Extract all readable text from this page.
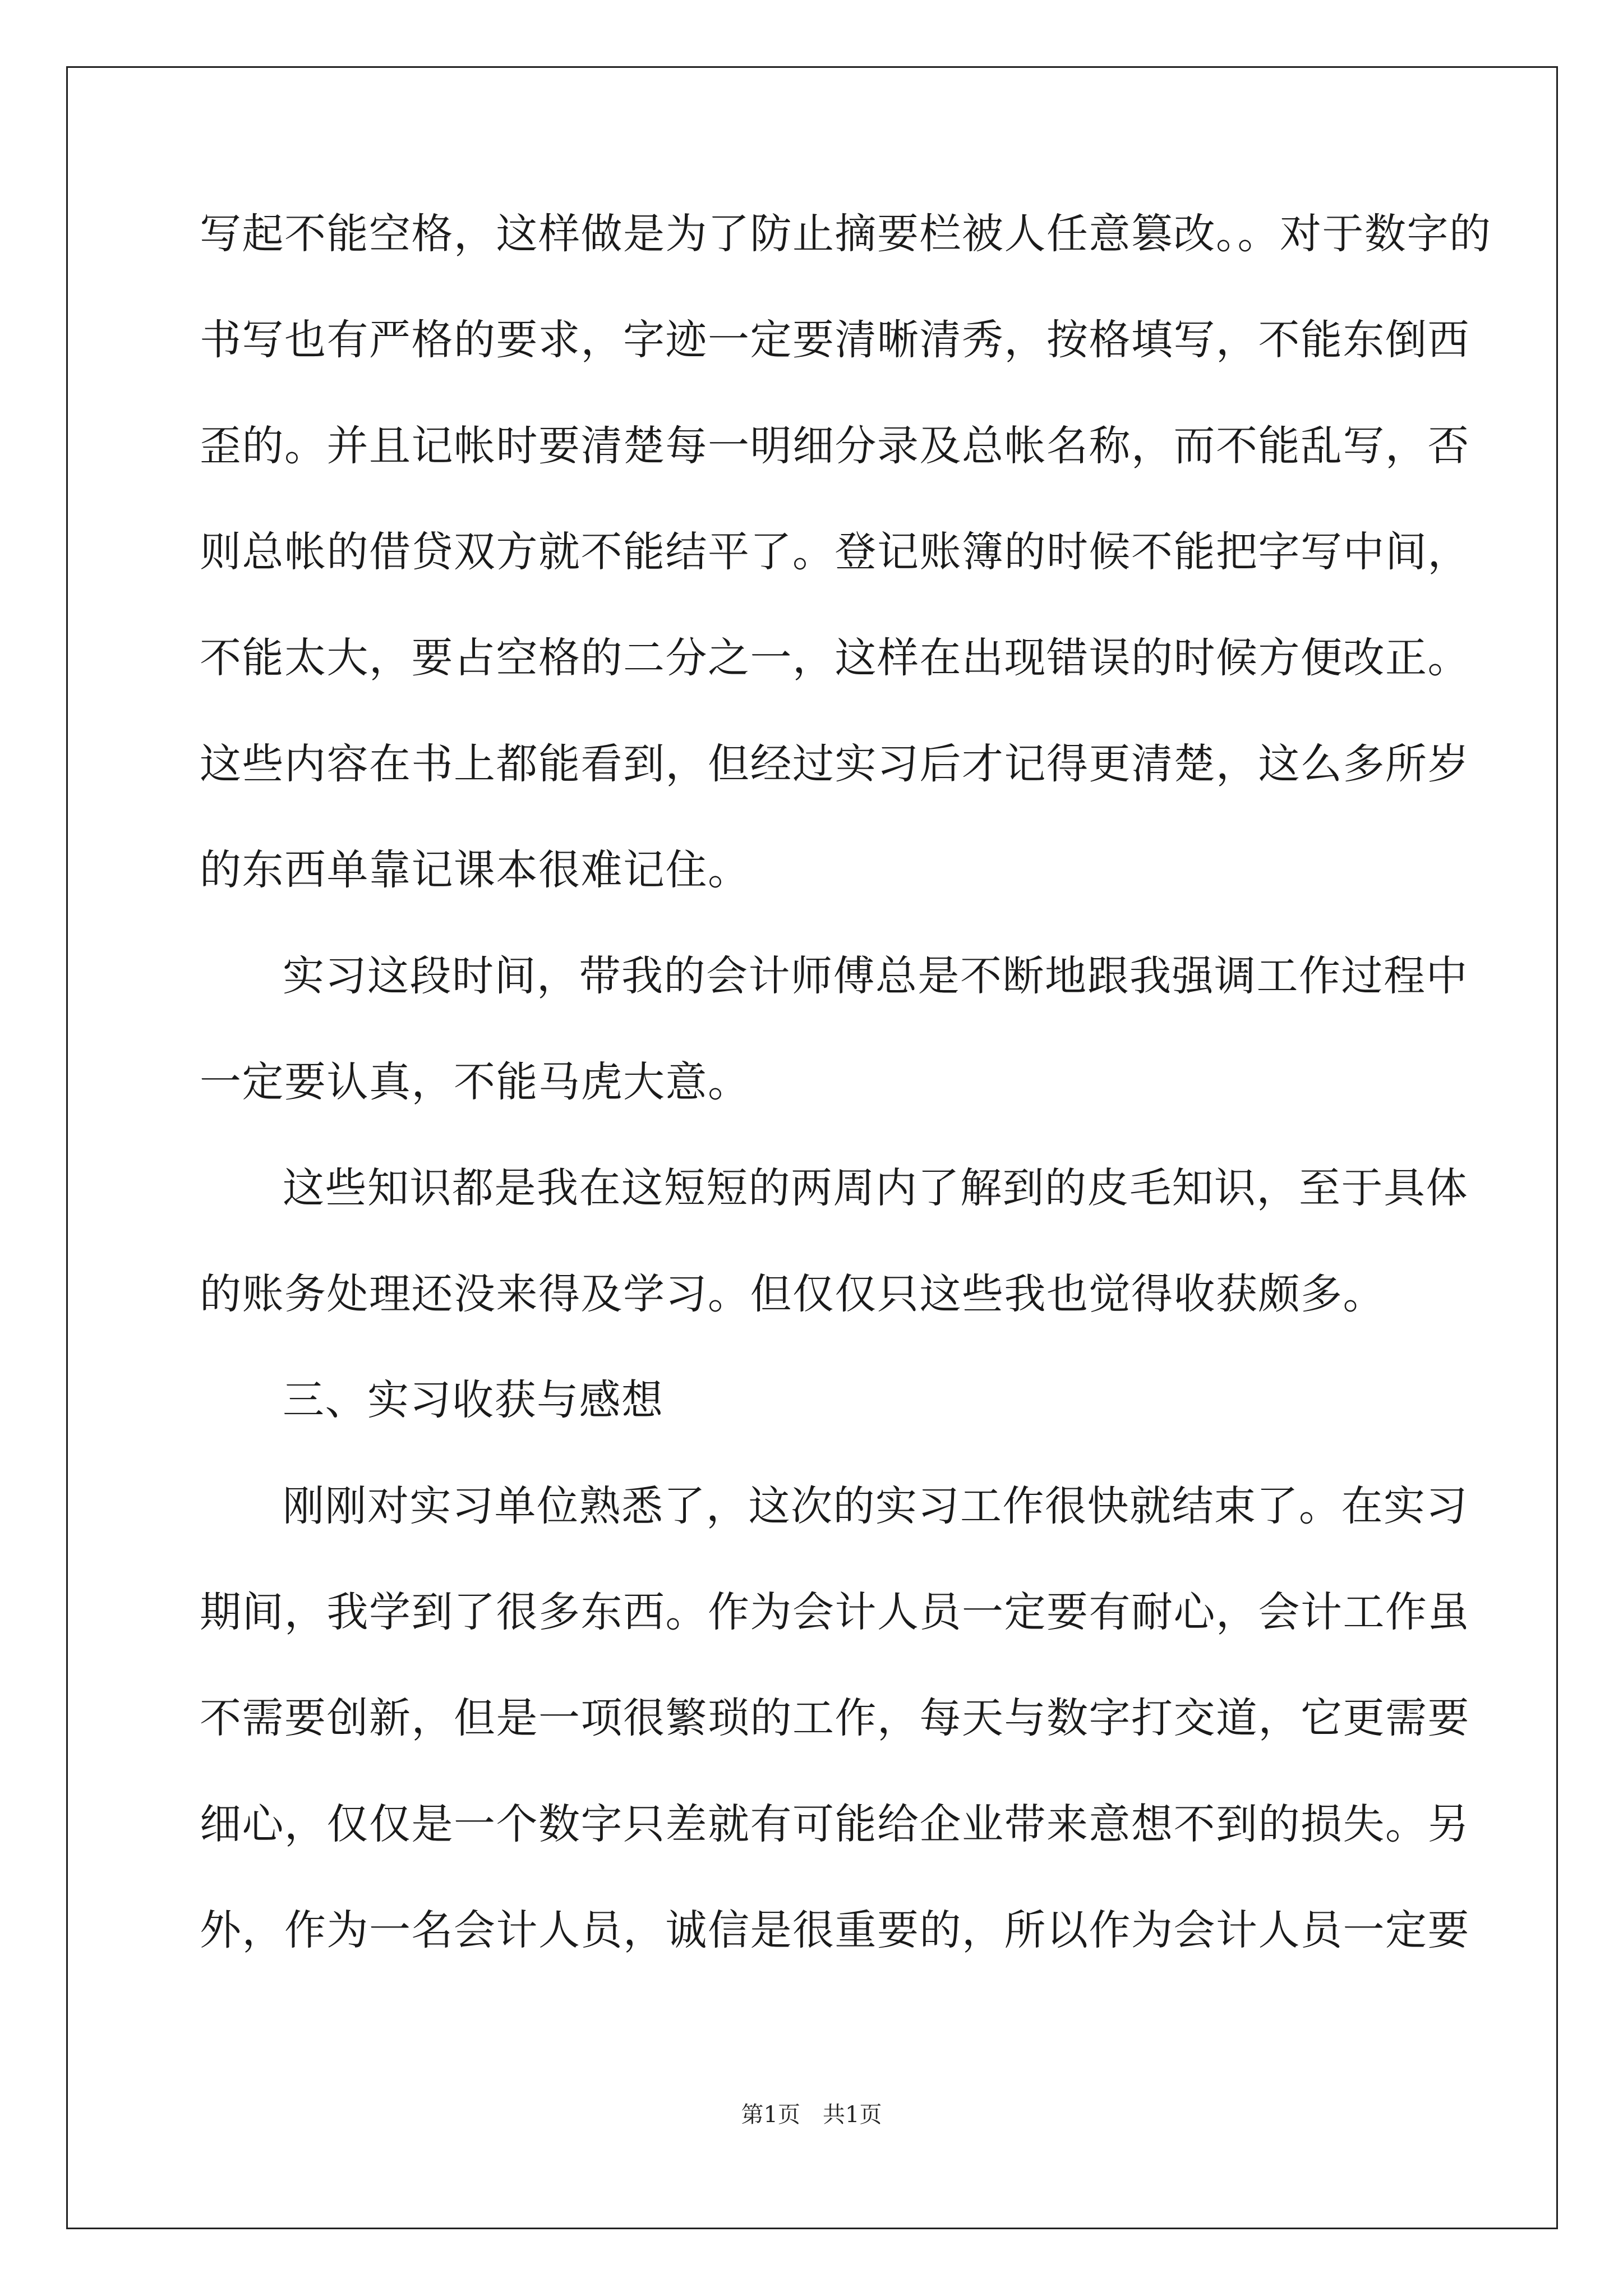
写起不能空格，这样做是为了防止摘要栏被人任意篡改。。对于数字的
书写也有严格的要求，字迹一定要清晰清秀，按格填写，不能东倒西
歪的。并且记帐时要清楚每一明细分录及总帐名称，而不能乱写，否
则总帐的借贷双方就不能结平了。登记账簿的时候不能把字写中间，
不能太大，要占空格的二分之一，这样在出现错误的时候方便改正。
这些内容在书上都能看到，但经过实习后才记得更清楚，这么多所岁
的东西单靠记课本很难记住。
实习这段时间，带我的会计师傅总是不断地跟我强调工作过程中
一定要认真，不能马虎大意。
这些知识都是我在这短短的两周内了解到的皮毛知识，至于具体
的账务处理还没来得及学习。但仅仅只这些我也觉得收获颇多。
三、实习收获与感想
刚刚对实习单位熟悉了，这次的实习工作很快就结束了。在实习
期间，我学到了很多东西。作为会计人员一定要有耐心，会计工作虽
不需要创新，但是一项很繁琐的工作，每天与数字打交道，它更需要
细心，仅仅是一个数字只差就有可能给企业带来意想不到的损失。另
外，作为一名会计人员，诚信是很重要的，所以作为会计人员一定要
第1页　共1页
